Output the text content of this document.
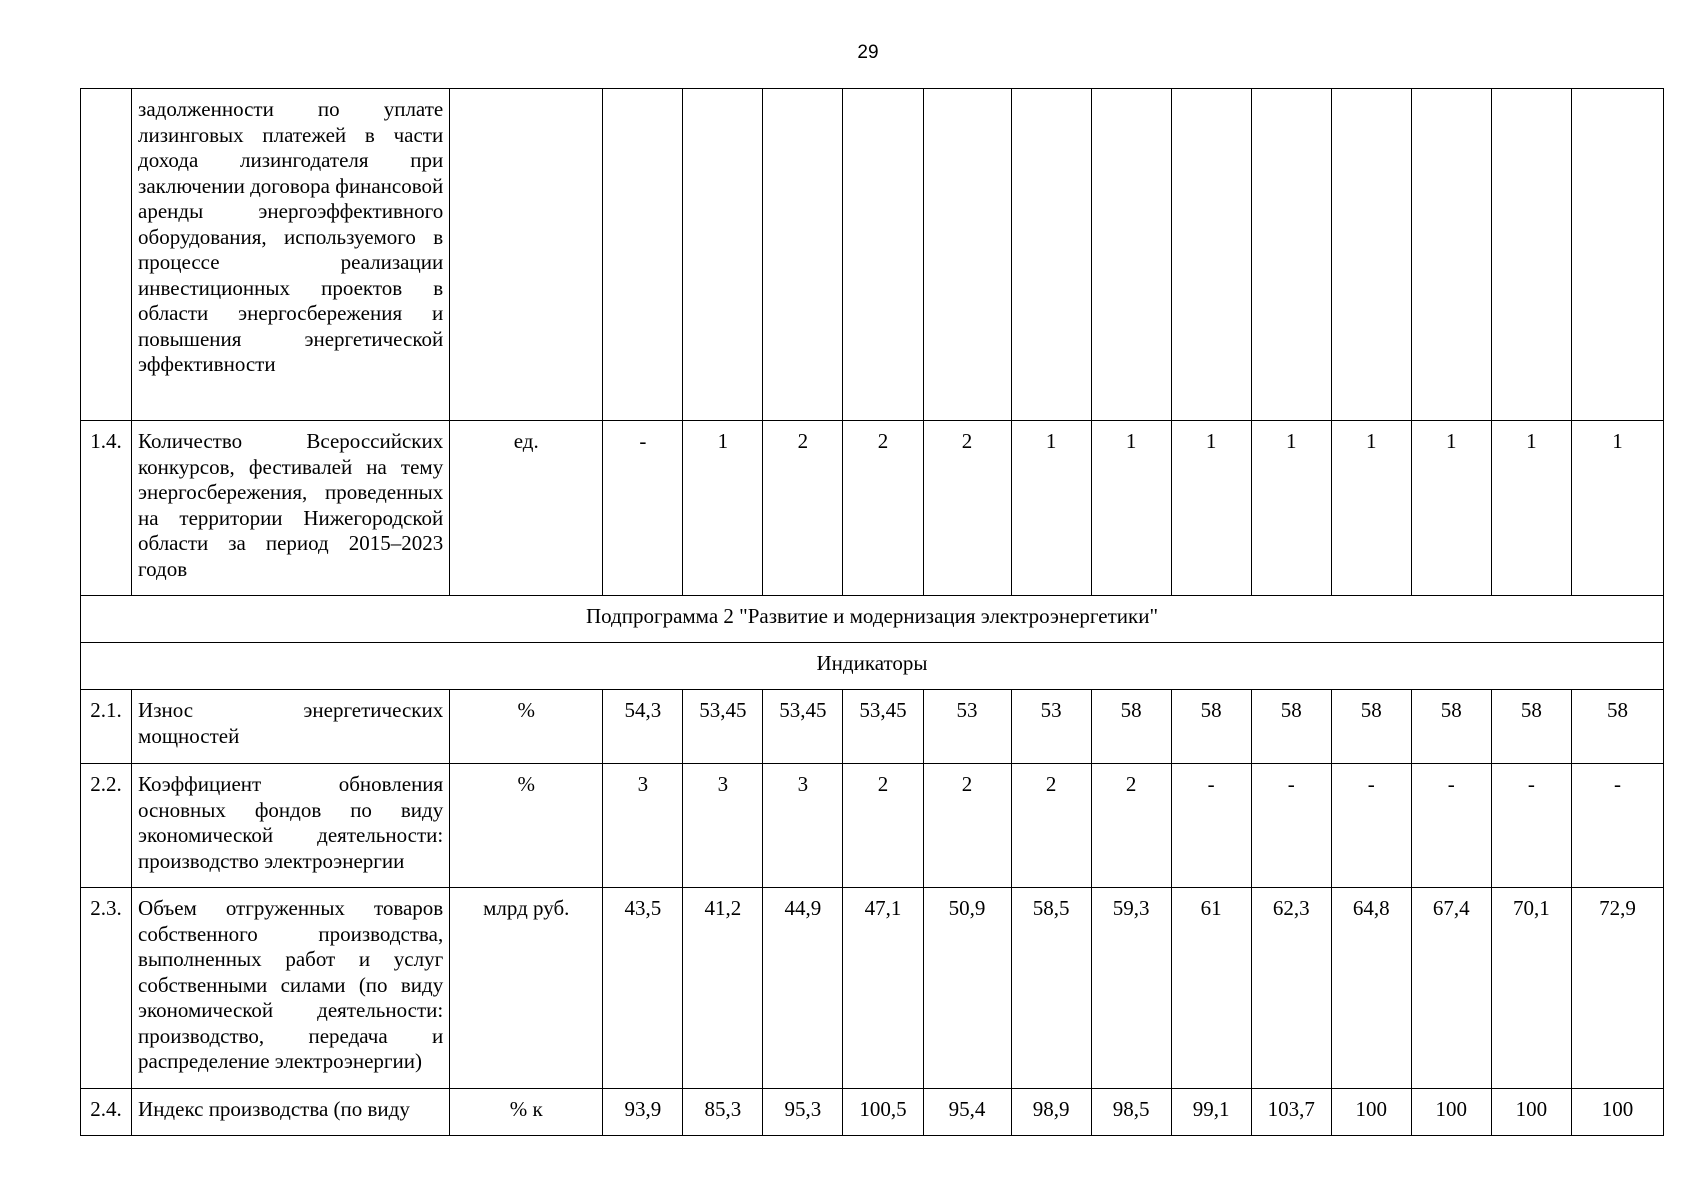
29
	задолженности по уплате лизинговых платежей в части дохода лизингодателя при заключении договора финансовой аренды энергоэффективного оборудования, используемого в процессе реализации инвестиционных проектов в области энергосбережения и повышения энергетической эффективности														
1.4.	Количество Всероссийских конкурсов, фестивалей на тему энергосбережения, проведенных на территории Нижегородской области за период 2015–2023 годов	ед.	-	1	2	2	2	1	1	1	1	1	1	1	1
Подпрограмма 2 "Развитие и модернизация электроэнергетики"															
Индикаторы															
2.1.	Износ энергетических мощностей	%	54,3	53,45	53,45	53,45	53	53	58	58	58	58	58	58	58
2.2.	Коэффициент обновления основных фондов по виду экономической деятельности: производство электроэнергии	%	3	3	3	2	2	2	2	-	-	-	-	-	-
2.3.	Объем отгруженных товаров собственного производства, выполненных работ и услуг собственными силами (по виду экономической деятельности: производство, передача и распределение электроэнергии)	млрд руб.	43,5	41,2	44,9	47,1	50,9	58,5	59,3	61	62,3	64,8	67,4	70,1	72,9
2.4.	Индекс производства (по виду	% к	93,9	85,3	95,3	100,5	95,4	98,9	98,5	99,1	103,7	100	100	100	100
